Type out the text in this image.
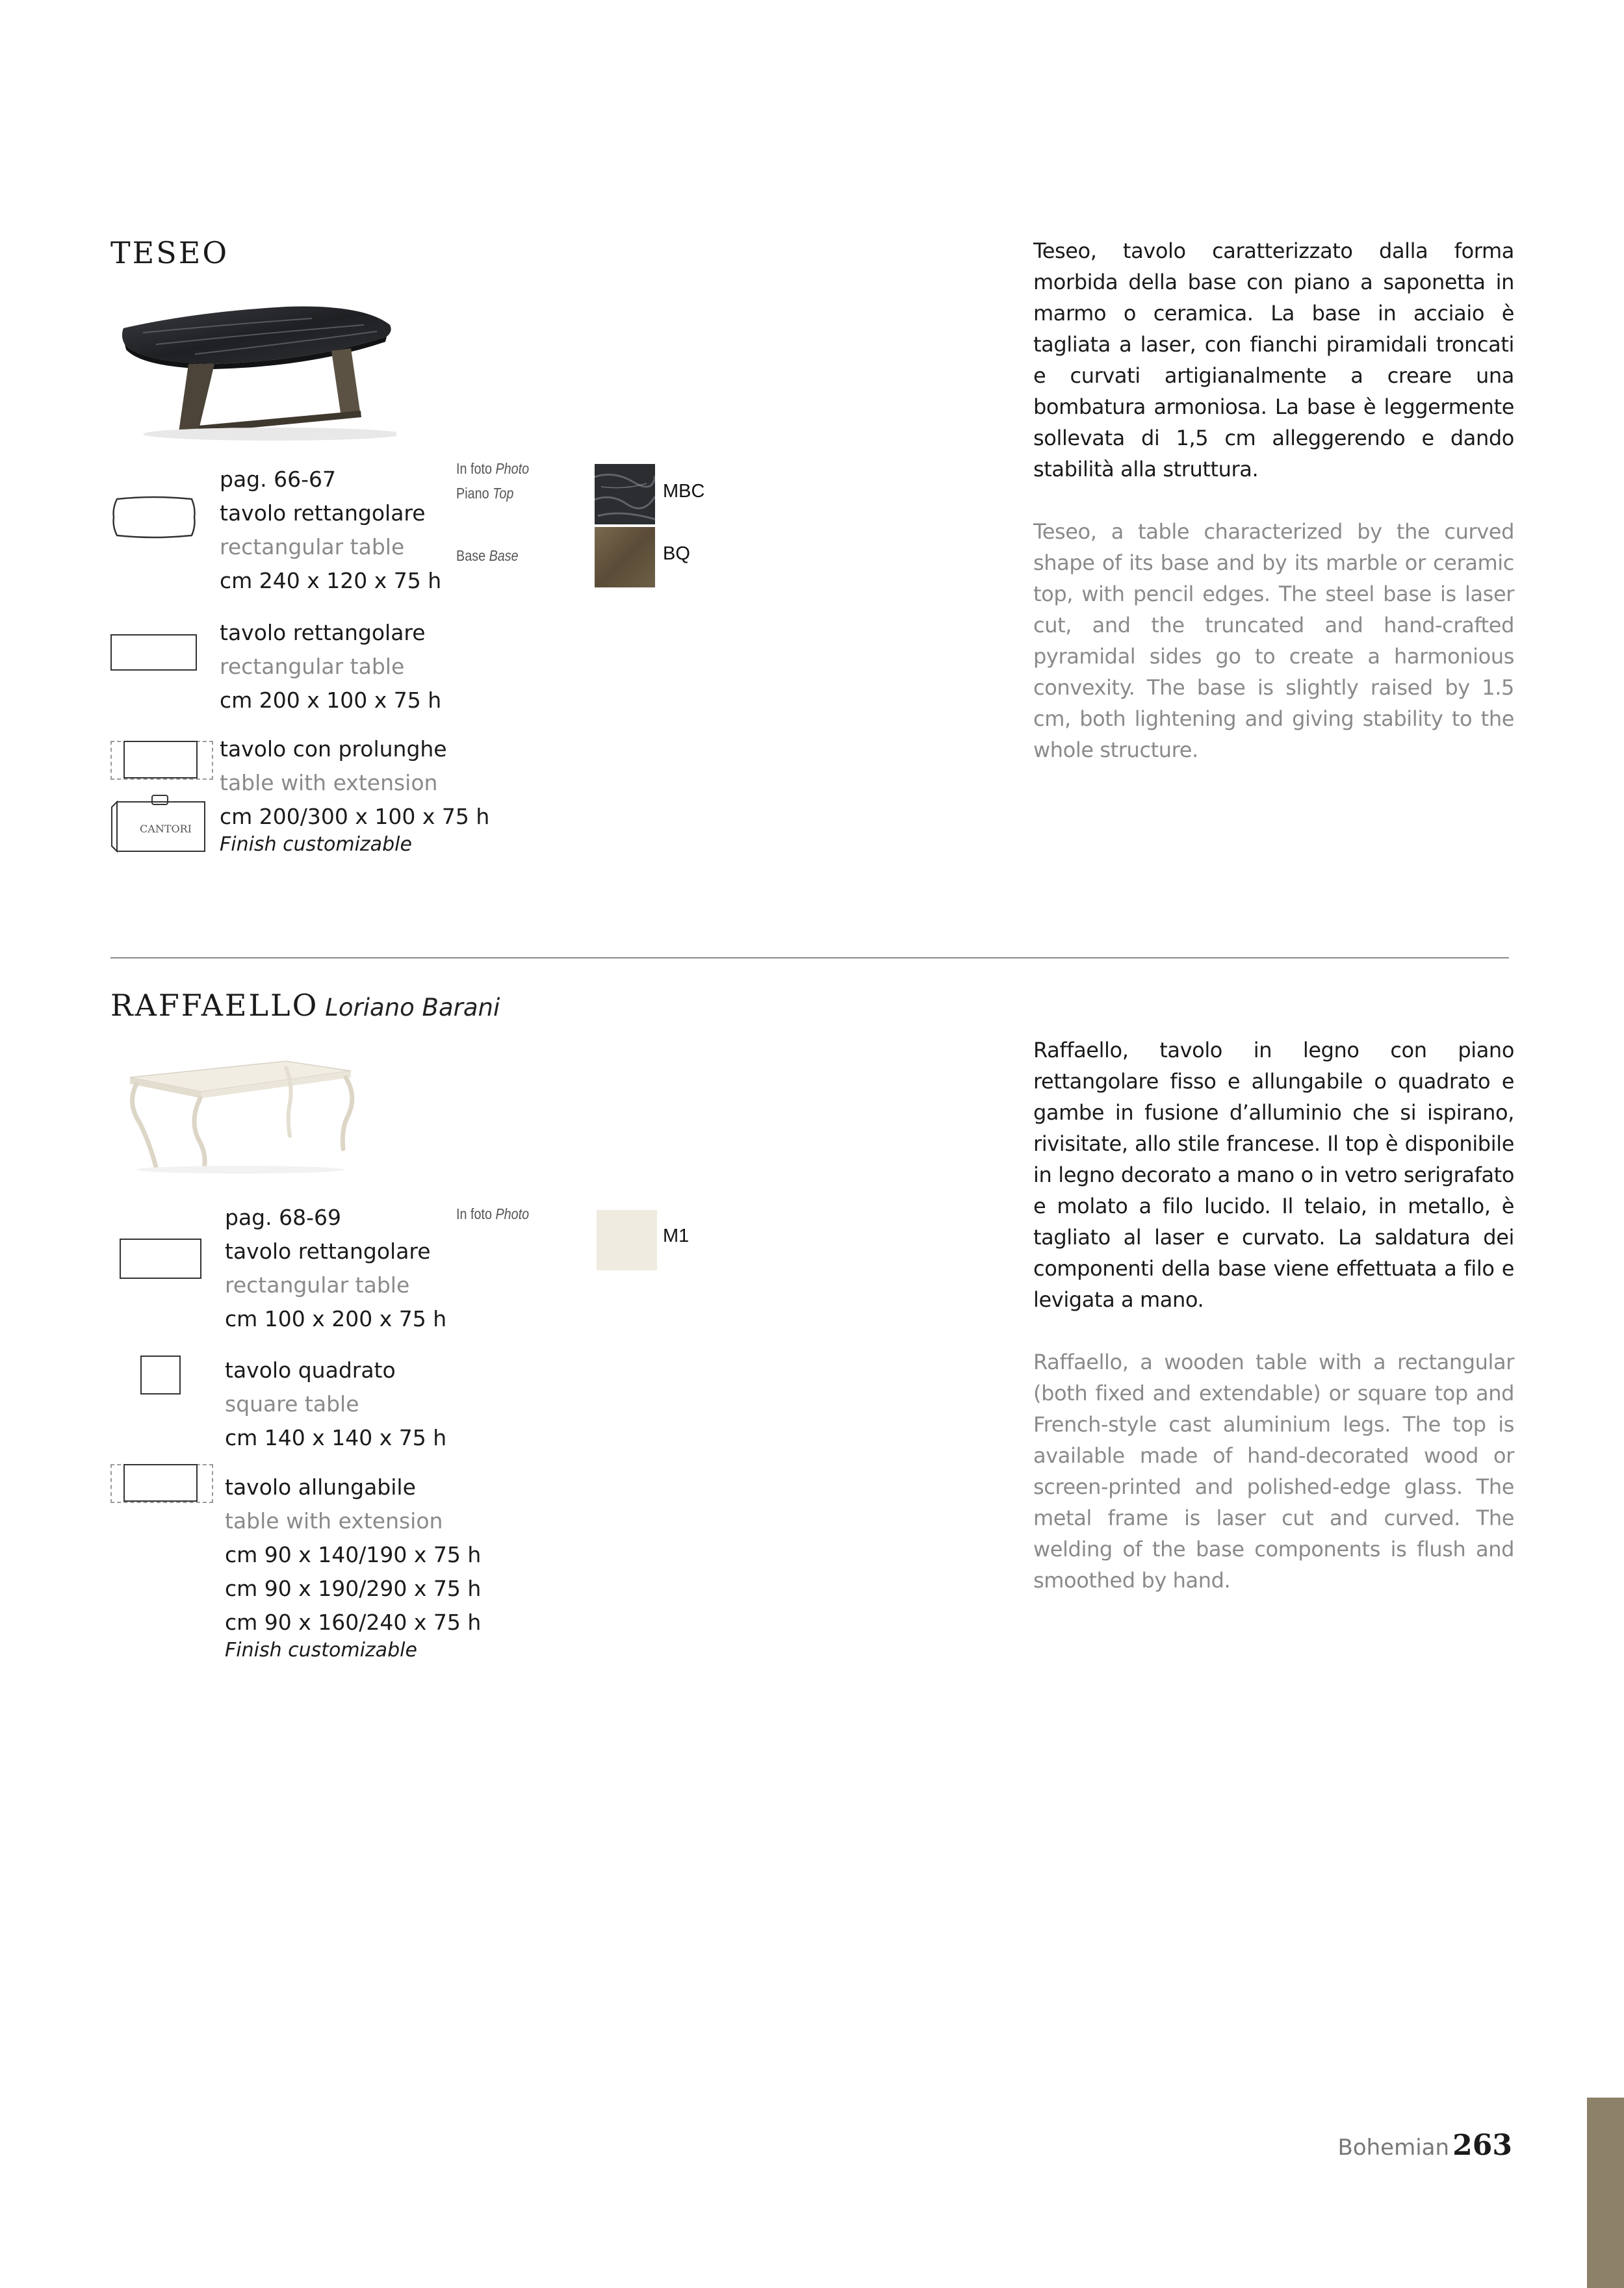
TESEO
CANTORI
pag. 66-67
tavolo rettangolare
rectangular table
cm 240 x 120 x 75 h
tavolo rettangolare
rectangular table
cm 200 x 100 x 75 h
tavolo con prolunghe
table with extension
cm 200/300 x 100 x 75 h
Finish customizable
In foto Photo
Piano Top
Base Base
MBC
BQ
Teseo, tavolo caratterizzato dalla forma morbida della base con piano a saponetta in marmo o ceramica. La base in acciaio è tagliata a laser, con fianchi piramidali troncati e curvati artigianalmente a creare una bombatura armoniosa. La base è leggermente sollevata di 1,5 cm alleggerendo e dando stabilità alla struttura.
Teseo, a table characterized by the curved shape of its base and by its marble or ceramic top, with pencil edges. The steel base is laser cut, and the truncated and hand-crafted pyramidal sides go to create a harmonious convexity. The base is slightly raised by 1.5 cm, both lightening and giving stability to the whole structure.
RAFFAELLO Loriano Barani
pag. 68-69
tavolo rettangolare
rectangular table
cm 100 x 200 x 75 h
tavolo quadrato
square table
cm 140 x 140 x 75 h
tavolo allungabile
table with extension
cm 90 x 140/190 x 75 h
cm 90 x 190/290 x 75 h
cm 90 x 160/240 x 75 h
Finish customizable
In foto Photo
M1
Raffaello, tavolo in legno con piano rettangolare fisso e allungabile o quadrato e gambe in fusione d’alluminio che si ispirano, rivisitate, allo stile francese. Il top è disponibile in legno decorato a mano o in vetro serigrafato e molato a filo lucido. Il telaio, in metallo, è tagliato al laser e curvato. La saldatura dei componenti della base viene effettuata a filo e levigata a mano.
Raffaello, a wooden table with a rectangular (both fixed and extendable) or square top and French-style cast aluminium legs. The top is available made of hand-decorated wood or screen-printed and polished-edge glass. The metal frame is laser cut and curved. The welding of the base components is flush and smoothed by hand.
Bohemian 263
